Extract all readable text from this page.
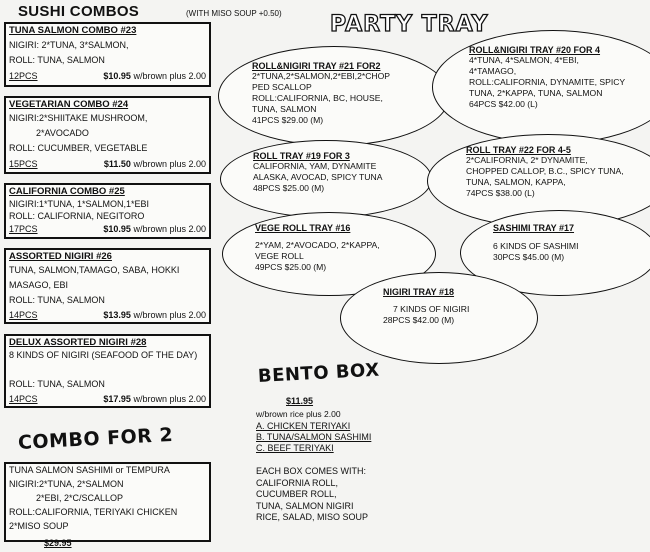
SUSHI COMBOS	(WITH MISO SOUP +0.50)
TUNA SALMON COMBO #23
NIGIRI: 2*TUNA, 3*SALMON,
ROLL: TUNA, SALMON
12PCS	$10.95 w/brown plus 2.00
VEGETARIAN COMBO #24
NIGIRI:2*SHIITAKE MUSHROOM,
2*AVOCADO
ROLL: CUCUMBER, VEGETABLE
15PCS	$11.50 w/brown plus 2.00
CALIFORNIA COMBO #25
NIGIRI:1*TUNA, 1*SALMON,1*EBI
ROLL: CALIFORNIA, NEGITORO
17PCS	$10.95 w/brown plus 2.00
ASSORTED NIGIRI #26
TUNA, SALMON,TAMAGO, SABA, HOKKI
MASAGO, EBI
ROLL: TUNA, SALMON
14PCS	$13.95 w/brown plus 2.00
DELUX ASSORTED NIGIRI #28
8 KINDS OF NIGIRI (SEAFOOD OF THE DAY)
ROLL: TUNA, SALMON
14PCS	$17.95 w/brown plus 2.00
COMBO FOR 2
TUNA SALMON SASHIMI or TEMPURA
NIGIRI:2*TUNA, 2*SALMON
2*EBI, 2*C/SCALLOP
ROLL:CALIFORNIA, TERIYAKI CHICKEN
2*MISO SOUP
$29.95
PARTY TRAY
ROLL&NIGIRI TRAY #21 FOR2
2*TUNA,2*SALMON,2*EBI,2*CHOP
PED SCALLOP
ROLL:CALIFORNIA, BC, HOUSE,
TUNA, SALMON
41PCS $29.00 (M)
ROLL&NIGIRI TRAY #20 FOR 4
4*TUNA, 4*SALMON, 4*EBI,
4*TAMAGO,
ROLL:CALIFORNIA, DYNAMITE, SPICY
TUNA, 2*KAPPA, TUNA, SALMON
64PCS $42.00 (L)
ROLL TRAY #19 FOR 3
CALIFORNIA, YAM, DYNAMITE
ALASKA, AVOCAD, SPICY TUNA
48PCS $25.00 (M)
ROLL TRAY #22 FOR 4-5
2*CALIFORNIA, 2* DYNAMITE,
CHOPPED CALLOP, B.C., SPICY TUNA,
TUNA, SALMON, KAPPA,
74PCS $38.00 (L)
VEGE ROLL TRAY #16
2*YAM, 2*AVOCADO, 2*KAPPA,
VEGE ROLL
49PCS $25.00 (M)
SASHIMI TRAY #17
6 KINDS OF SASHIMI
30PCS $45.00 (M)
NIGIRI TRAY #18
7 KINDS OF NIGIRI
28PCS $42.00 (M)
BENTO BOX
$11.95
w/brown rice plus 2.00
A. CHICKEN TERIYAKI
B. TUNA/SALMON SASHIMI
C. BEEF TERIYAKI
EACH BOX COMES WITH:
CALIFORNIA ROLL,
CUCUMBER ROLL,
TUNA, SALMON NIGIRI
RICE, SALAD, MISO SOUP
